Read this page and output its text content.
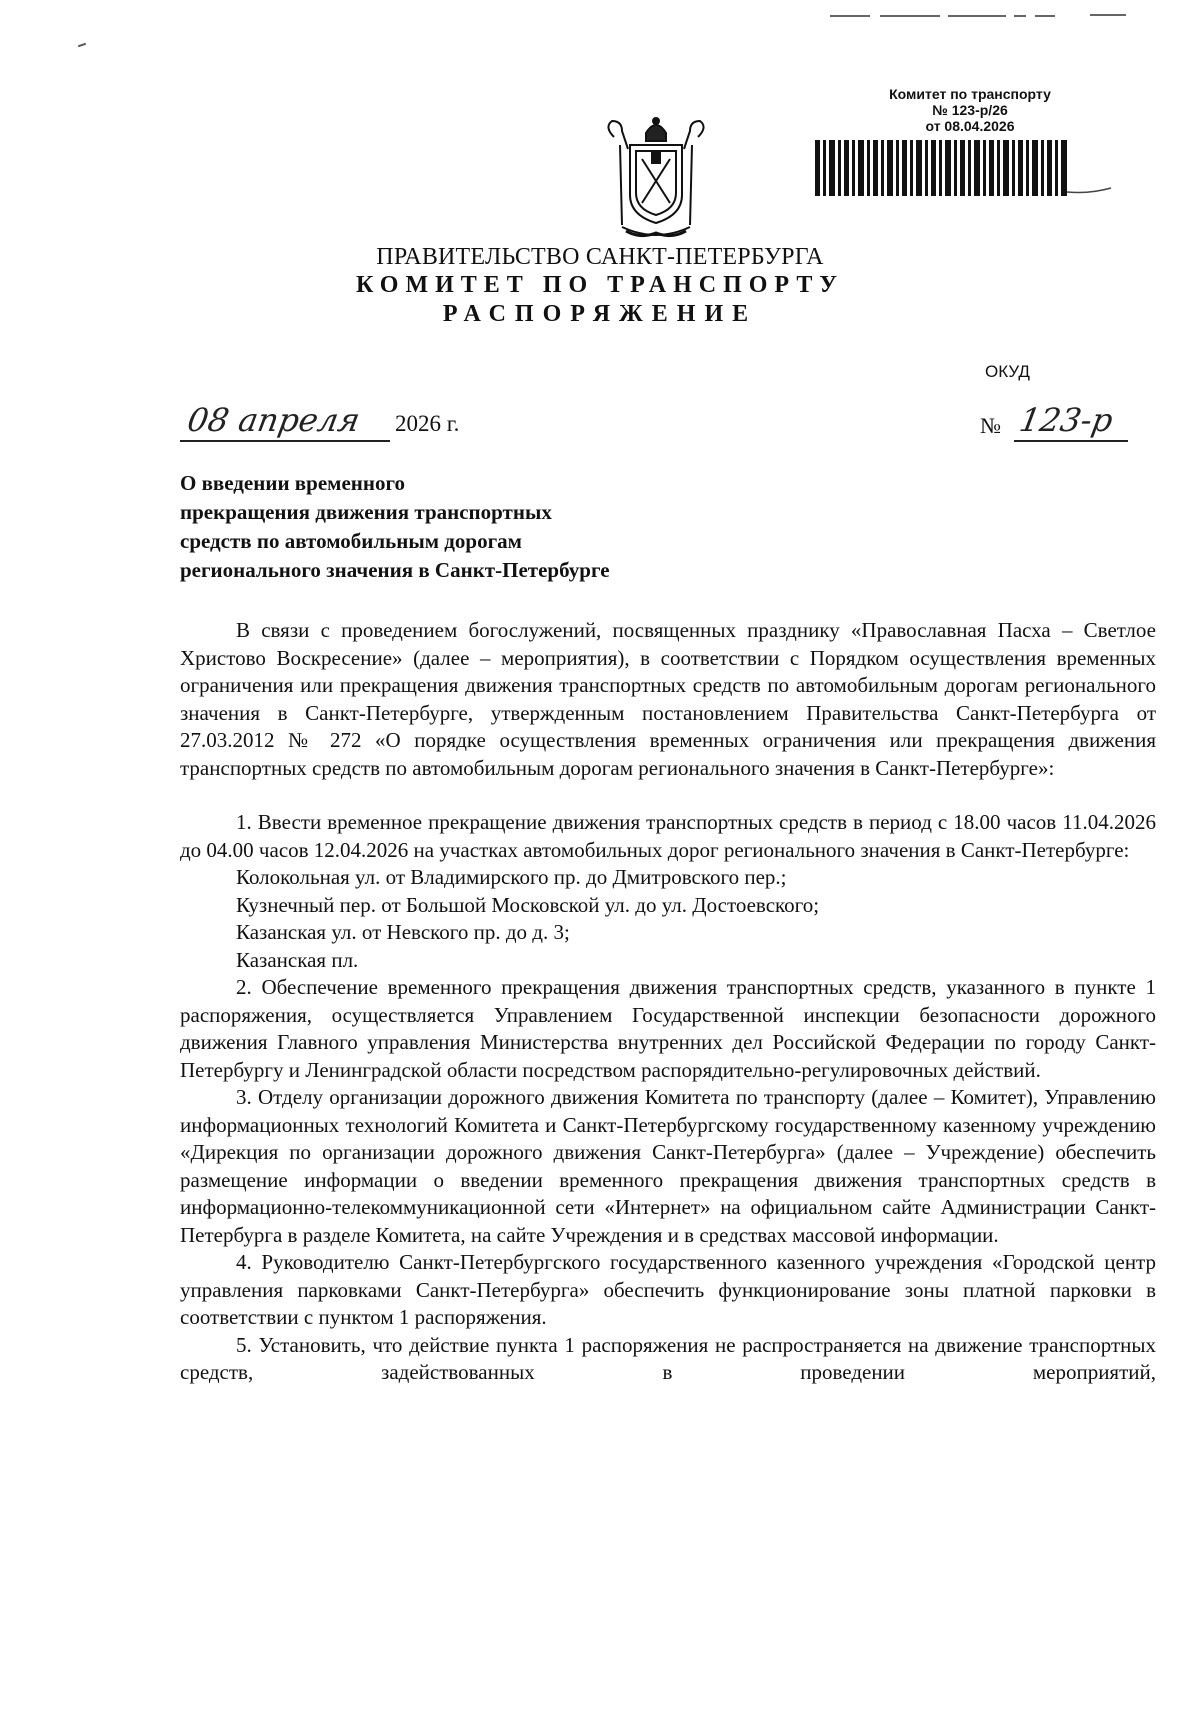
Комитет по транспорту
№ 123-р/26
от 08.04.2026
ПРАВИТЕЛЬСТВО САНКТ-ПЕТЕРБУРГА
КОМИТЕТ ПО ТРАНСПОРТУ
РАСПОРЯЖЕНИЕ
ОКУД
08 апреля 2026 г.	№ 123-р
О введении временного
прекращения движения транспортных
средств по автомобильным дорогам
регионального значения в Санкт-Петербурге

В связи с проведением богослужений, посвященных празднику «Православная Пасха – Светлое Христово Воскресение» (далее – мероприятия), в соответствии с Порядком осуществления временных ограничения или прекращения движения транспортных средств по автомобильным дорогам регионального значения в Санкт-Петербурге, утвержденным постановлением Правительства Санкт-Петербурга от 27.03.2012 № 272 «О порядке осуществления временных ограничения или прекращения движения транспортных средств по автомобильным дорогам регионального значения в Санкт-Петербурге»:

1. Ввести временное прекращение движения транспортных средств в период с 18.00 часов 11.04.2026 до 04.00 часов 12.04.2026 на участках автомобильных дорог регионального значения в Санкт-Петербурге:

Колокольная ул. от Владимирского пр. до Дмитровского пер.;

Кузнечный пер. от Большой Московской ул. до ул. Достоевского;

Казанская ул. от Невского пр. до д. 3;

Казанская пл.

2. Обеспечение временного прекращения движения транспортных средств, указанного в пункте 1 распоряжения, осуществляется Управлением Государственной инспекции безопасности дорожного движения Главного управления Министерства внутренних дел Российской Федерации по городу Санкт-Петербургу и Ленинградской области посредством распорядительно-регулировочных действий.

3. Отделу организации дорожного движения Комитета по транспорту (далее – Комитет), Управлению информационных технологий Комитета и Санкт-Петербургскому государственному казенному учреждению «Дирекция по организации дорожного движения Санкт-Петербурга» (далее – Учреждение) обеспечить размещение информации о введении временного прекращения движения транспортных средств в информационно-телекоммуникационной сети «Интернет» на официальном сайте Администрации Санкт-Петербурга в разделе Комитета, на сайте Учреждения и в средствах массовой информации.

4. Руководителю Санкт-Петербургского государственного казенного учреждения «Городской центр управления парковками Санкт-Петербурга» обеспечить функционирование зоны платной парковки в соответствии с пунктом 1 распоряжения.

5. Установить, что действие пункта 1 распоряжения не распространяется на движение транспортных средств, задействованных в проведении мероприятий,
